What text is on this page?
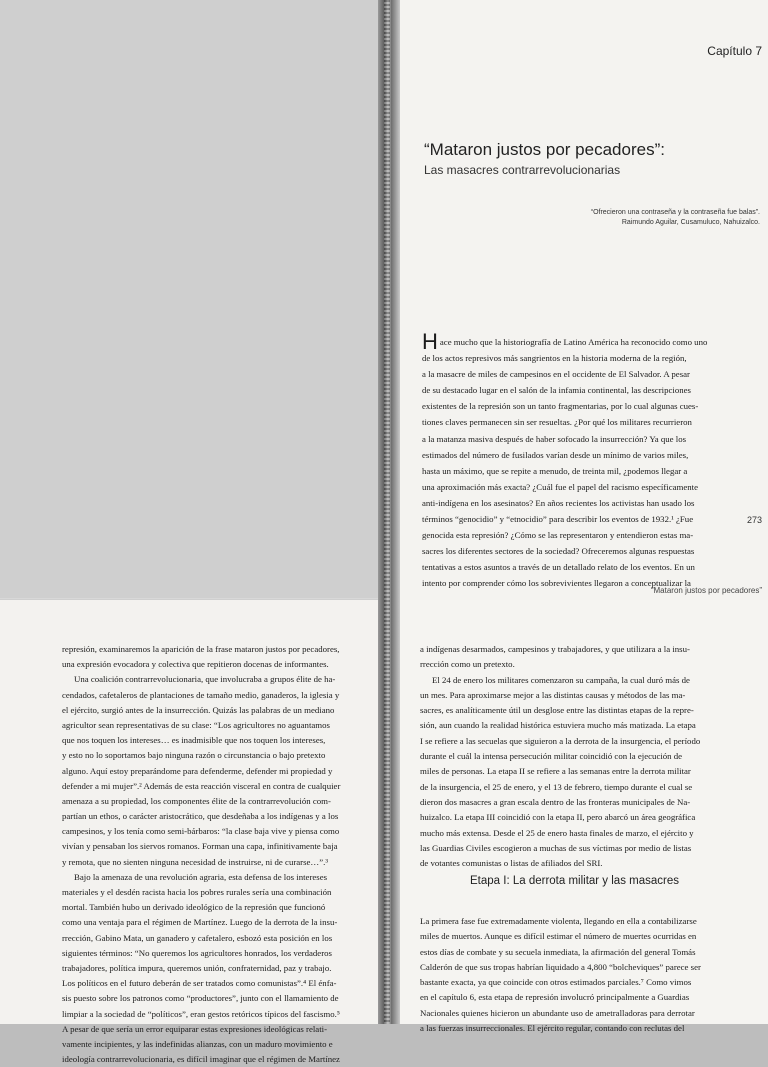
Capítulo 7
“Mataron justos por pecadores”:
Las masacres contrarrevolucionarias
“Ofrecieron una contraseña y la contraseña fue balas”.
Raimundo Aguilar, Cusamuluco, Nahuizalco.
H ace mucho que la historiografía de Latino América ha reconocido como uno
de los actos represivos más sangrientos en la historia moderna de la región,
a la masacre de miles de campesinos en el occidente de El Salvador. A pesar
de su destacado lugar en el salón de la infamia continental, las descripciones
existentes de la represión son un tanto fragmentarias, por lo cual algunas cues-
tiones claves permanecen sin ser resueltas. ¿Por qué los militares recurrieron
a la matanza masiva después de haber sofocado la insurrección? Ya que los
estimados del número de fusilados varían desde un mínimo de varios miles,
hasta un máximo, que se repite a menudo, de treinta mil, ¿podemos llegar a
una aproximación más exacta? ¿Cuál fue el papel del racismo específicamente
anti-indígena en los asesinatos? En años recientes los activistas han usado los
términos “genocidio” y “etnocidio” para describir los eventos de 1932.¹ ¿Fue
genocida esta represión? ¿Cómo se las representaron y entendieron estas ma-
sacres los diferentes sectores de la sociedad? Ofreceremos algunas respuestas
tentativas a estos asuntos a través de un detallado relato de los eventos. En un
intento por comprender cómo los sobrevivientes llegaron a conceptualizar la
273
“Mataron justos por pecadores”
represión, examinaremos la aparición de la frase mataron justos por pecadores,
una expresión evocadora y colectiva que repitieron docenas de informantes.
Una coalición contrarrevolucionaria, que involucraba a grupos élite de ha-
cendados, cafetaleros de plantaciones de tamaño medio, ganaderos, la iglesia y
el ejército, surgió antes de la insurrección. Quizás las palabras de un mediano
agricultor sean representativas de su clase: “Los agricultores no aguantamos
que nos toquen los intereses… es inadmisible que nos toquen los intereses,
y esto no lo soportamos bajo ninguna razón o circunstancia o bajo pretexto
alguno. Aquí estoy preparándome para defenderme, defender mi propiedad y
defender a mi mujer”.² Además de esta reacción visceral en contra de cualquier
amenaza a su propiedad, los componentes élite de la contrarrevolución com-
partían un ethos, o carácter aristocrático, que desdeñaba a los indígenas y a los
campesinos, y los tenía como semi-bárbaros: “la clase baja vive y piensa como
vivían y pensaban los siervos romanos. Forman una capa, infinitivamente baja
y remota, que no sienten ninguna necesidad de instruirse, ni de curarse…”.³
Bajo la amenaza de una revolución agraria, esta defensa de los intereses
materiales y el desdén racista hacia los pobres rurales sería una combinación
mortal. También hubo un derivado ideológico de la represión que funcionó
como una ventaja para el régimen de Martínez. Luego de la derrota de la insu-
rrección, Gabino Mata, un ganadero y cafetalero, esbozó esta posición en los
siguientes términos: “No queremos los agricultores honrados, los verdaderos
trabajadores, política impura, queremos unión, confraternidad, paz y trabajo.
Los políticos en el futuro deberán de ser tratados como comunistas”.⁴ El énfa-
sis puesto sobre los patronos como “productores”, junto con el llamamiento de
limpiar a la sociedad de “políticos”, eran gestos retóricos típicos del fascismo.⁵
A pesar de que sería un error equiparar estas expresiones ideológicas relati-
vamente incipientes, y las indefinidas alianzas, con un maduro movimiento e
ideología contrarrevolucionaria, es difícil imaginar que el régimen de Martínez
a indígenas desarmados, campesinos y trabajadores, y que utilizara a la insu-
rrección como un pretexto.
El 24 de enero los militares comenzaron su campaña, la cual duró más de
un mes. Para aproximarse mejor a las distintas causas y métodos de las ma-
sacres, es analíticamente útil un desglose entre las distintas etapas de la repre-
sión, aun cuando la realidad histórica estuviera mucho más matizada. La etapa
I se refiere a las secuelas que siguieron a la derrota de la insurgencia, el período
durante el cuál la intensa persecución militar coincidió con la ejecución de
miles de personas. La etapa II se refiere a las semanas entre la derrota militar
de la insurgencia, el 25 de enero, y el 13 de febrero, tiempo durante el cual se
dieron dos masacres a gran escala dentro de las fronteras municipales de Na-
huizalco. La etapa III coincidió con la etapa II, pero abarcó un área geográfica
mucho más extensa. Desde el 25 de enero hasta finales de marzo, el ejército y
las Guardias Civiles escogieron a muchas de sus víctimas por medio de listas
de votantes comunistas o listas de afiliados del SRI.
Etapa I: La derrota militar y las masacres
La primera fase fue extremadamente violenta, llegando en ella a contabilizarse
miles de muertos. Aunque es difícil estimar el número de muertes ocurridas en
estos días de combate y su secuela inmediata, la afirmación del general Tomás
Calderón de que sus tropas habrían liquidado a 4,800 “bolcheviques” parece ser
bastante exacta, ya que coincide con otros estimados parciales.⁷ Como vimos
en el capítulo 6, esta etapa de represión involucró principalmente a Guardias
Nacionales quienes hicieron un abundante uso de ametralladoras para derrotar
a las fuerzas insurreccionales. El ejército regular, contando con reclutas del
